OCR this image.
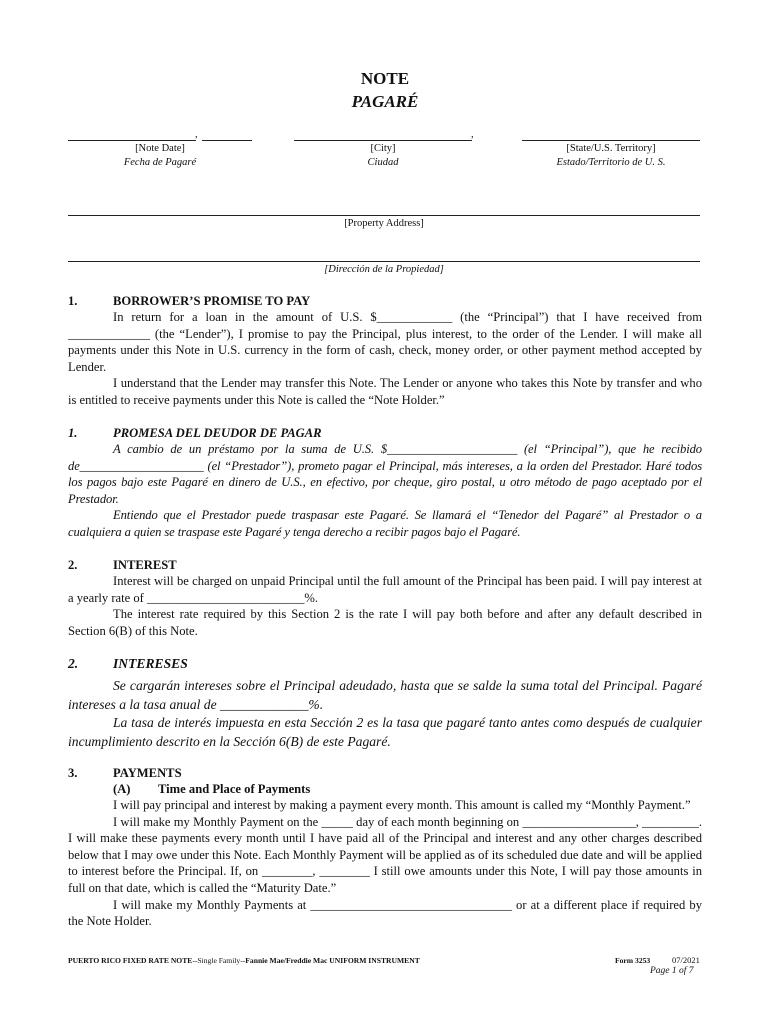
NOTE
PAGARÉ
,
[Note Date]
Fecha de Pagaré
,
[City]
Ciudad
[State/U.S. Territory]
Estado/Territorio de U. S.
[Property Address]
[Dirección de la Propiedad]
1.	BORROWER’S PROMISE TO PAY

In return for a loan in the amount of U.S. $____________ (the “Principal”) that I have received from _____________ (the “Lender”), I promise to pay the Principal, plus interest, to the order of the Lender. I will make all payments under this Note in U.S. currency in the form of cash, check, money order, or other payment method accepted by Lender.

I understand that the Lender may transfer this Note. The Lender or anyone who takes this Note by transfer and who is entitled to receive payments under this Note is called the “Note Holder.”

1.	PROMESA DEL DEUDOR DE PAGAR

A cambio de un préstamo por la suma de U.S. $_____________________ (el “Principal”), que he recibido de____________________ (el “Prestador”), prometo pagar el Principal, más intereses, a la orden del Prestador. Haré todos los pagos bajo este Pagaré en dinero de U.S., en efectivo, por cheque, giro postal, u otro método de pago aceptado por el Prestador.

Entiendo que el Prestador puede traspasar este Pagaré. Se llamará el “Tenedor del Pagaré” al Prestador o a cualquiera a quien se traspase este Pagaré y tenga derecho a recibir pagos bajo el Pagaré.

2.	INTEREST

Interest will be charged on unpaid Principal until the full amount of the Principal has been paid. I will pay interest at a yearly rate of _________________________%.

The interest rate required by this Section 2 is the rate I will pay both before and after any default described in Section 6(B) of this Note.

2.	INTERESES

Se cargarán intereses sobre el Principal adeudado, hasta que se salde la suma total del Principal. Pagaré intereses a la tasa anual de _____________%.

La tasa de interés impuesta en esta Sección 2 es la tasa que pagaré tanto antes como después de cualquier incumplimiento descrito en la Sección 6(B) de este Pagaré.

3.	PAYMENTS
(A) Time and Place of Payments

I will pay principal and interest by making a payment every month. This amount is called my “Monthly Payment.”

I will make my Monthly Payment on the _____ day of each month beginning on __________________, _________. I will make these payments every month until I have paid all of the Principal and interest and any other charges described below that I may owe under this Note. Each Monthly Payment will be applied as of its scheduled due date and will be applied to interest before the Principal. If, on ________, ________ I still owe amounts under this Note, I will pay those amounts in full on that date, which is called the “Maturity Date.”

I will make my Monthly Payments at ________________________________ or at a different place if required by the Note Holder.

PUERTO RICO FIXED RATE NOTE--Single Family--Fannie Mae/Freddie Mac UNIFORM INSTRUMENT	Form 3253	07/2021
Page 1 of 7
